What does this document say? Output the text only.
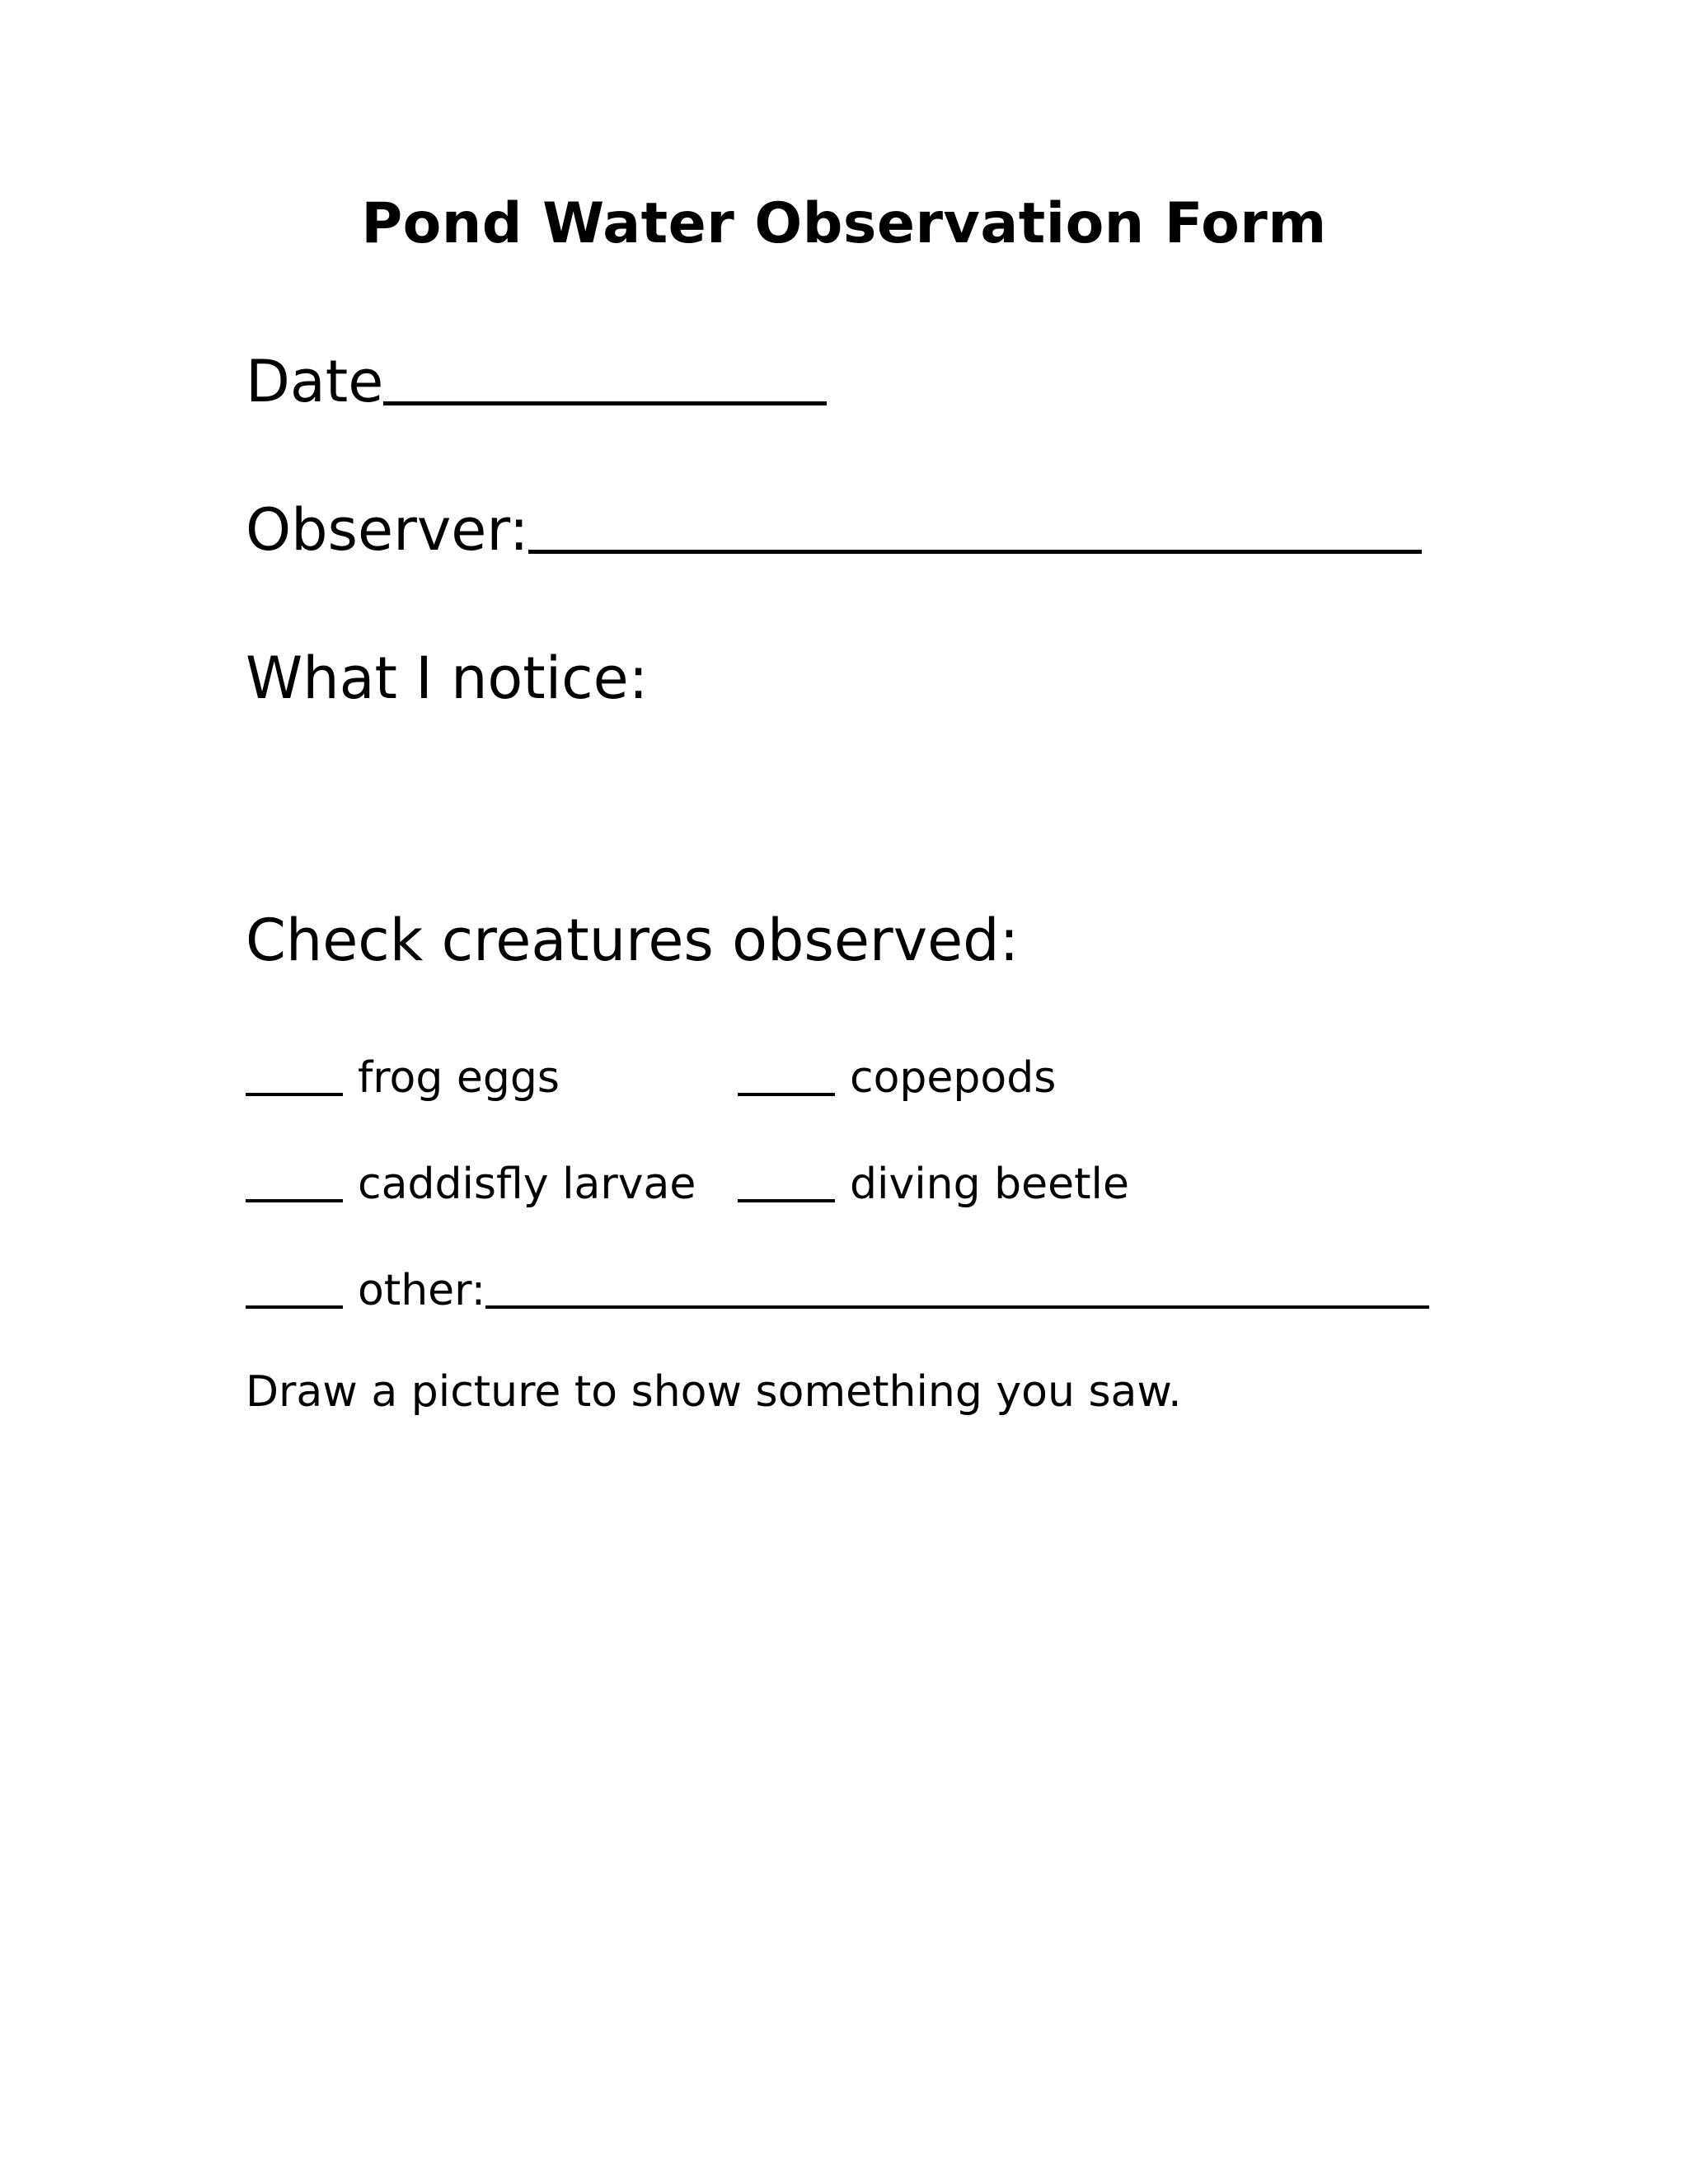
Pond Water Observation Form
Date
Observer:
What I notice:
Check creatures observed:
frog eggs	copepods
caddisfly larvae	diving beetle
other:
Draw a picture to show something you saw.
